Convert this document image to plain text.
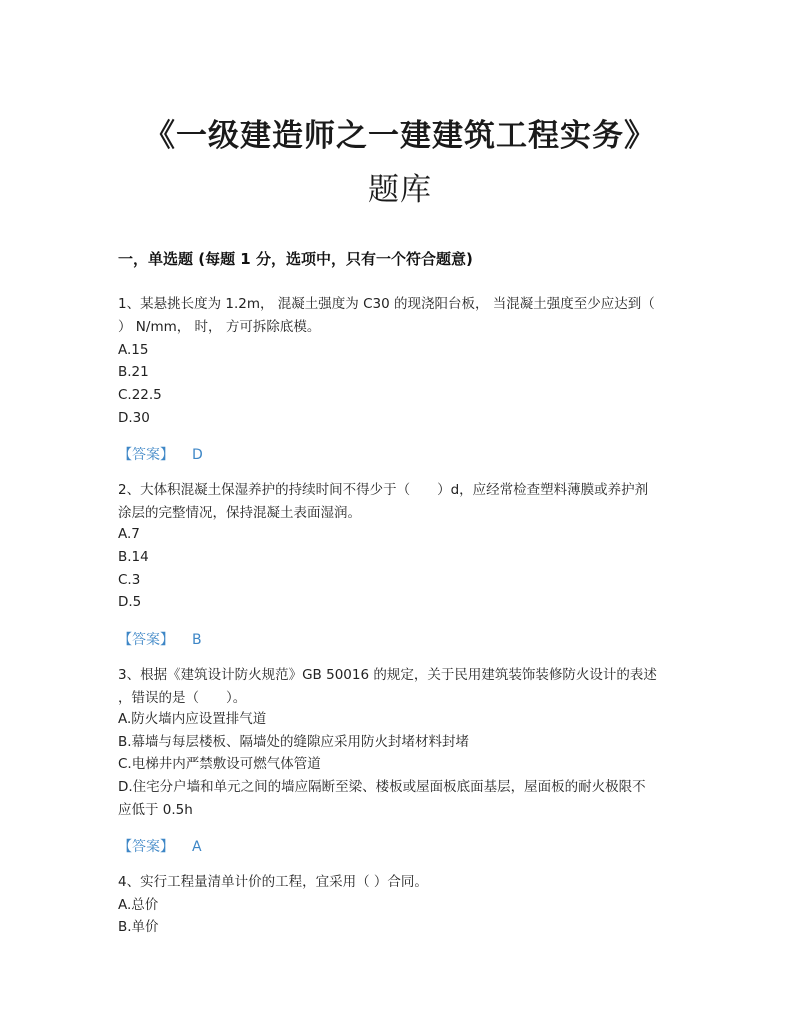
《一级建造师之一建建筑工程实务》
题库
一，单选题 (每题 1 分，选项中，只有一个符合题意)
1、某悬挑长度为 1.2m， 混凝土强度为 C30 的现浇阳台板， 当混凝土强度至少应达到（
） N/mm， 时， 方可拆除底模。
A.15
B.21
C.22.5
D.30
【答案】 D
2、大体积混凝土保湿养护的持续时间不得少于（　　）d，应经常检查塑料薄膜或养护剂
涂层的完整情况，保持混凝土表面湿润。
A.7
B.14
C.3
D.5
【答案】 B
3、根据《建筑设计防火规范》GB 50016 的规定，关于民用建筑装饰装修防火设计的表述
，错误的是（　　）。
A.防火墙内应设置排气道
B.幕墙与每层楼板、隔墙处的缝隙应采用防火封堵材料封堵
C.电梯井内严禁敷设可燃气体管道
D.住宅分户墙和单元之间的墙应隔断至梁、楼板或屋面板底面基层，屋面板的耐火极限不
应低于 0.5h
【答案】 A
4、实行工程量清单计价的工程，宜采用（ ）合同。
A.总价
B.单价
